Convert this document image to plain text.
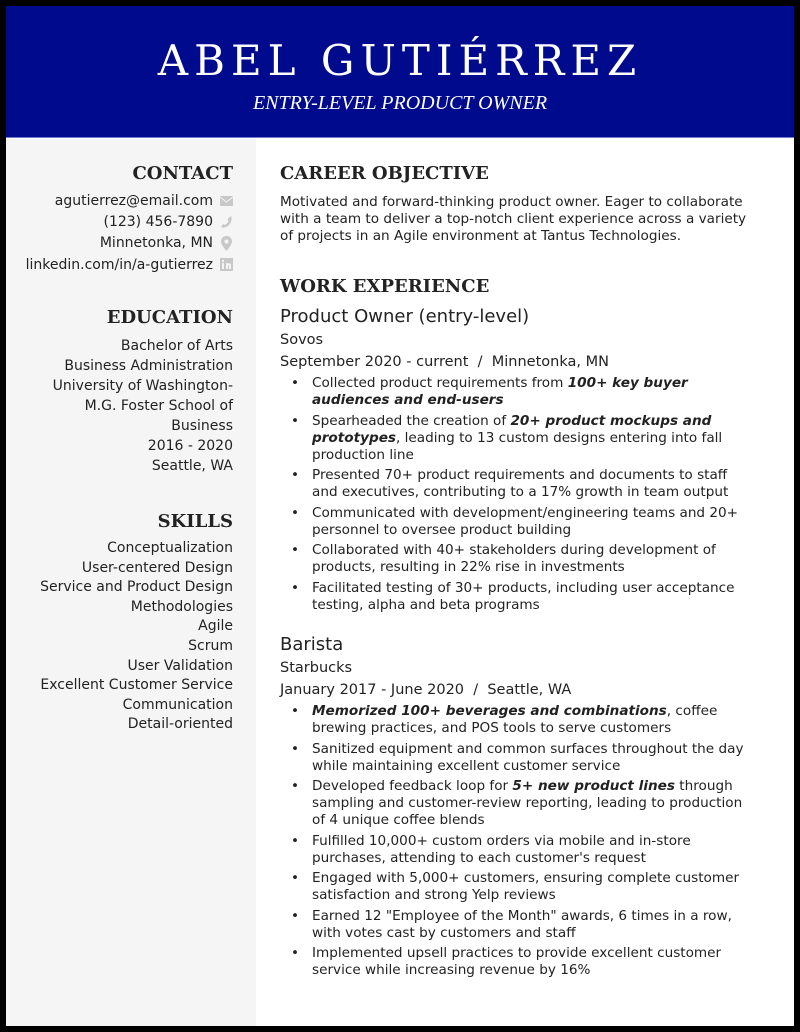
ABEL GUTIÉRREZ
ENTRY-LEVEL PRODUCT OWNER
CONTACT
agutierrez@email.com
(123) 456-7890
Minnetonka, MN
linkedin.com/in/a-gutierrez
EDUCATION
Bachelor of Arts
Business Administration
University of Washington-
M.G. Foster School of
Business
2016 - 2020
Seattle, WA
SKILLS
Conceptualization
User-centered Design
Service and Product Design
Methodologies
Agile
Scrum
User Validation
Excellent Customer Service
Communication
Detail-oriented
CAREER OBJECTIVE
Motivated and forward-thinking product owner. Eager to collaborate with a team to deliver a top-notch client experience across a variety of projects in an Agile environment at Tantus Technologies.
WORK EXPERIENCE
Product Owner (entry-level)
Sovos
September 2020 - current  /  Minnetonka, MN
• Collected product requirements from 100+ key buyer audiences and end-users
• Spearheaded the creation of 20+ product mockups and prototypes, leading to 13 custom designs entering into fall production line
• Presented 70+ product requirements and documents to staff and executives, contributing to a 17% growth in team output
• Communicated with development/engineering teams and 20+ personnel to oversee product building
• Collaborated with 40+ stakeholders during development of products, resulting in 22% rise in investments
• Facilitated testing of 30+ products, including user acceptance testing, alpha and beta programs
Barista
Starbucks
January 2017 - June 2020  /  Seattle, WA
• Memorized 100+ beverages and combinations, coffee brewing practices, and POS tools to serve customers
• Sanitized equipment and common surfaces throughout the day while maintaining excellent customer service
• Developed feedback loop for 5+ new product lines through sampling and customer-review reporting, leading to production of 4 unique coffee blends
• Fulfilled 10,000+ custom orders via mobile and in-store purchases, attending to each customer's request
• Engaged with 5,000+ customers, ensuring complete customer satisfaction and strong Yelp reviews
• Earned 12 "Employee of the Month" awards, 6 times in a row, with votes cast by customers and staff
• Implemented upsell practices to provide excellent customer service while increasing revenue by 16%
